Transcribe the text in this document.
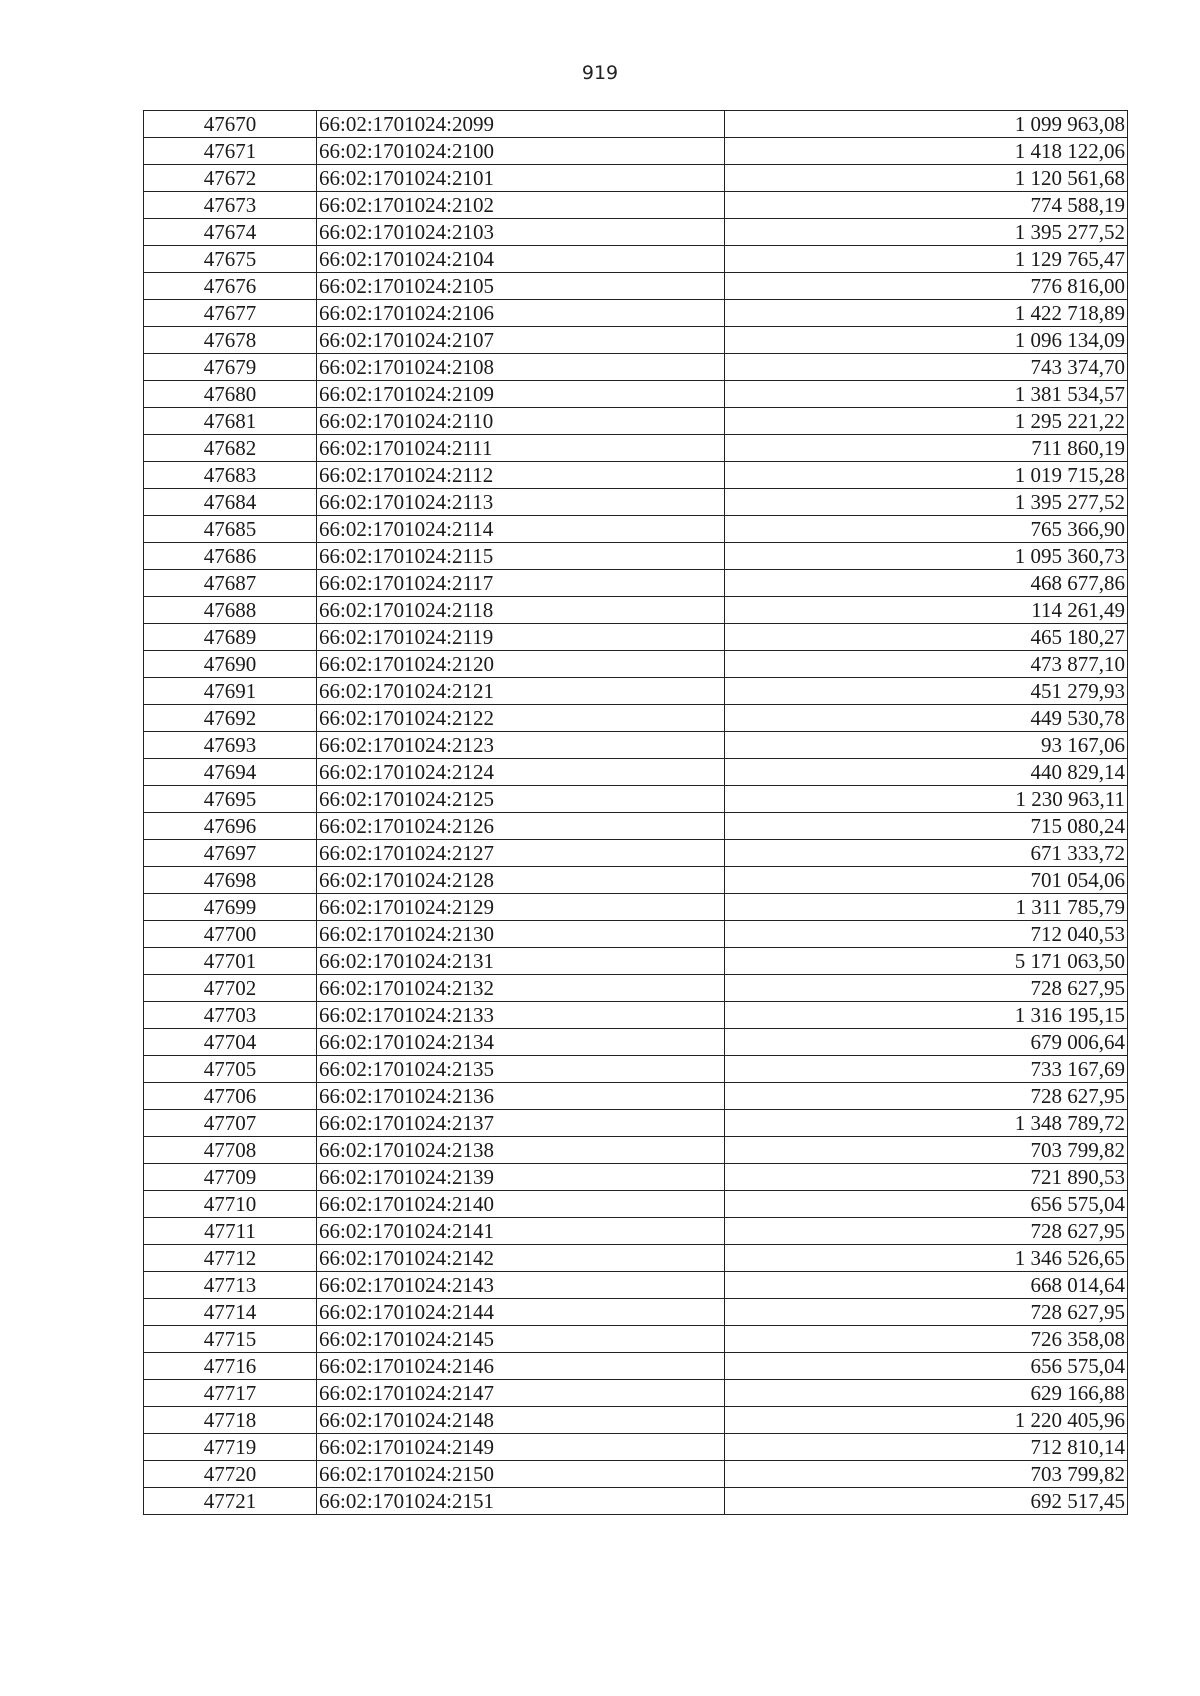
919
47670	66:02:1701024:2099	1 099 963,08
47671	66:02:1701024:2100	1 418 122,06
47672	66:02:1701024:2101	1 120 561,68
47673	66:02:1701024:2102	774 588,19
47674	66:02:1701024:2103	1 395 277,52
47675	66:02:1701024:2104	1 129 765,47
47676	66:02:1701024:2105	776 816,00
47677	66:02:1701024:2106	1 422 718,89
47678	66:02:1701024:2107	1 096 134,09
47679	66:02:1701024:2108	743 374,70
47680	66:02:1701024:2109	1 381 534,57
47681	66:02:1701024:2110	1 295 221,22
47682	66:02:1701024:2111	711 860,19
47683	66:02:1701024:2112	1 019 715,28
47684	66:02:1701024:2113	1 395 277,52
47685	66:02:1701024:2114	765 366,90
47686	66:02:1701024:2115	1 095 360,73
47687	66:02:1701024:2117	468 677,86
47688	66:02:1701024:2118	114 261,49
47689	66:02:1701024:2119	465 180,27
47690	66:02:1701024:2120	473 877,10
47691	66:02:1701024:2121	451 279,93
47692	66:02:1701024:2122	449 530,78
47693	66:02:1701024:2123	93 167,06
47694	66:02:1701024:2124	440 829,14
47695	66:02:1701024:2125	1 230 963,11
47696	66:02:1701024:2126	715 080,24
47697	66:02:1701024:2127	671 333,72
47698	66:02:1701024:2128	701 054,06
47699	66:02:1701024:2129	1 311 785,79
47700	66:02:1701024:2130	712 040,53
47701	66:02:1701024:2131	5 171 063,50
47702	66:02:1701024:2132	728 627,95
47703	66:02:1701024:2133	1 316 195,15
47704	66:02:1701024:2134	679 006,64
47705	66:02:1701024:2135	733 167,69
47706	66:02:1701024:2136	728 627,95
47707	66:02:1701024:2137	1 348 789,72
47708	66:02:1701024:2138	703 799,82
47709	66:02:1701024:2139	721 890,53
47710	66:02:1701024:2140	656 575,04
47711	66:02:1701024:2141	728 627,95
47712	66:02:1701024:2142	1 346 526,65
47713	66:02:1701024:2143	668 014,64
47714	66:02:1701024:2144	728 627,95
47715	66:02:1701024:2145	726 358,08
47716	66:02:1701024:2146	656 575,04
47717	66:02:1701024:2147	629 166,88
47718	66:02:1701024:2148	1 220 405,96
47719	66:02:1701024:2149	712 810,14
47720	66:02:1701024:2150	703 799,82
47721	66:02:1701024:2151	692 517,45
